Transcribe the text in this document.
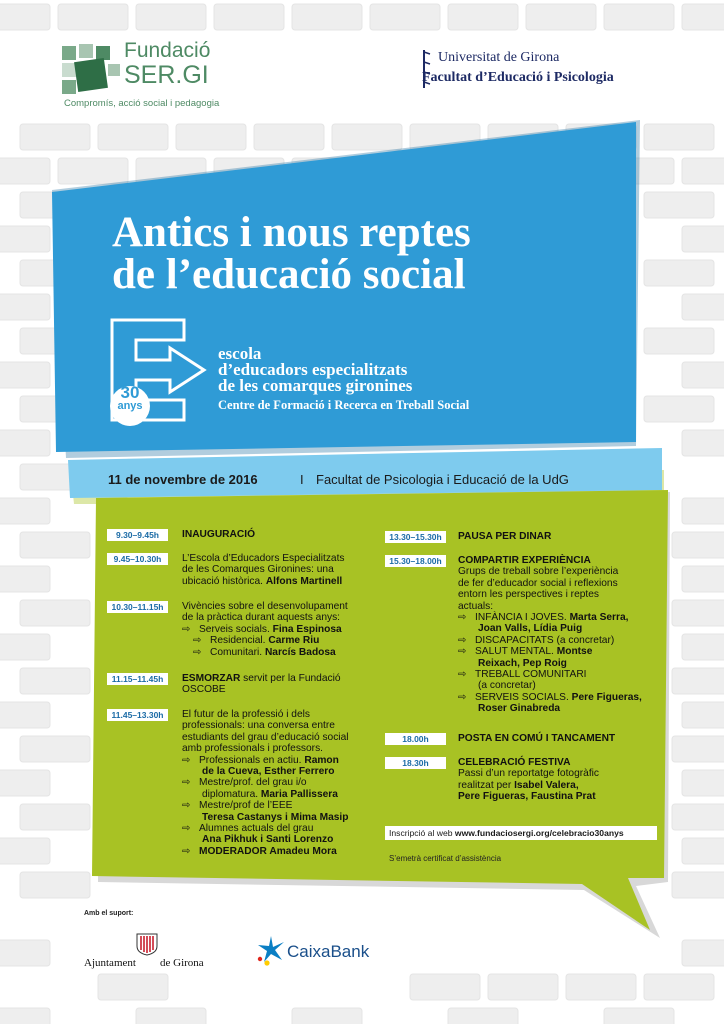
Fundació
SER.GI
Compromís, acció social i pedagogia
Universitat de Girona
Facultat d’Educació i Psicologia
Antics i nous reptes
de l’educació social
30
anys
escola
d’educadors especialitzats
de les comarques gironines
Centre de Formació i Recerca en Treball Social
11 de novembre de 2016	I Facultat de Psicologia i Educació de la UdG
9.30–9.45h	INAUGURACIÓ
9.45–10.30h	L’Escola d’Educadors Especialitzats
de les Comarques Gironines: una
ubicació històrica. Alfons Martinell
10.30–11.15h	Vivències sobre el desenvolupament
de la pràctica durant aquests anys:
⇨ Serveis socials. Fina Espinosa
⇨ Residencial. Carme Riu
⇨ Comunitari. Narcís Badosa
11.15–11.45h	ESMORZAR servit per la Fundació
OSCOBE
11.45–13.30h	El futur de la professió i dels
professionals: una conversa entre
estudiants del grau d’educació social
amb professionals i professors.
⇨ Professionals en actiu. Ramon
de la Cueva, Esther Ferrero
⇨ Mestre/prof. del grau i/o
diplomatura. Maria Pallissera
⇨ Mestre/prof de l’EEE
Teresa Castanys i Mima Masip
⇨ Alumnes actuals del grau
Ana Pikhuk i Santi Lorenzo
⇨ MODERADOR Amadeu Mora
13.30–15.30h	PAUSA PER DINAR
15.30–18.00h	COMPARTIR EXPERIÈNCIA
Grups de treball sobre l’experiència
de fer d’educador social i reflexions
entorn les perspectives i reptes
actuals:
⇨ INFÀNCIA I JOVES. Marta Serra,
Joan Valls, Lídia Puig
⇨ DISCAPACITATS (a concretar)
⇨ SALUT MENTAL. Montse
Reixach, Pep Roig
⇨ TREBALL COMUNITARI
(a concretar)
⇨ SERVEIS SOCIALS. Pere Figueras,
Roser Ginabreda
18.00h	POSTA EN COMÚ I TANCAMENT
18.30h	CELEBRACIÓ FESTIVA
Passi d’un reportatge fotogràfic
realitzat per Isabel Valera,
Pere Figueras, Faustina Prat
Inscripció al web www.fundaciosergi.org/celebracio30anys
S’emetrà certificat d’assistència
Amb el suport:
Ajuntament de Girona
CaixaBank
